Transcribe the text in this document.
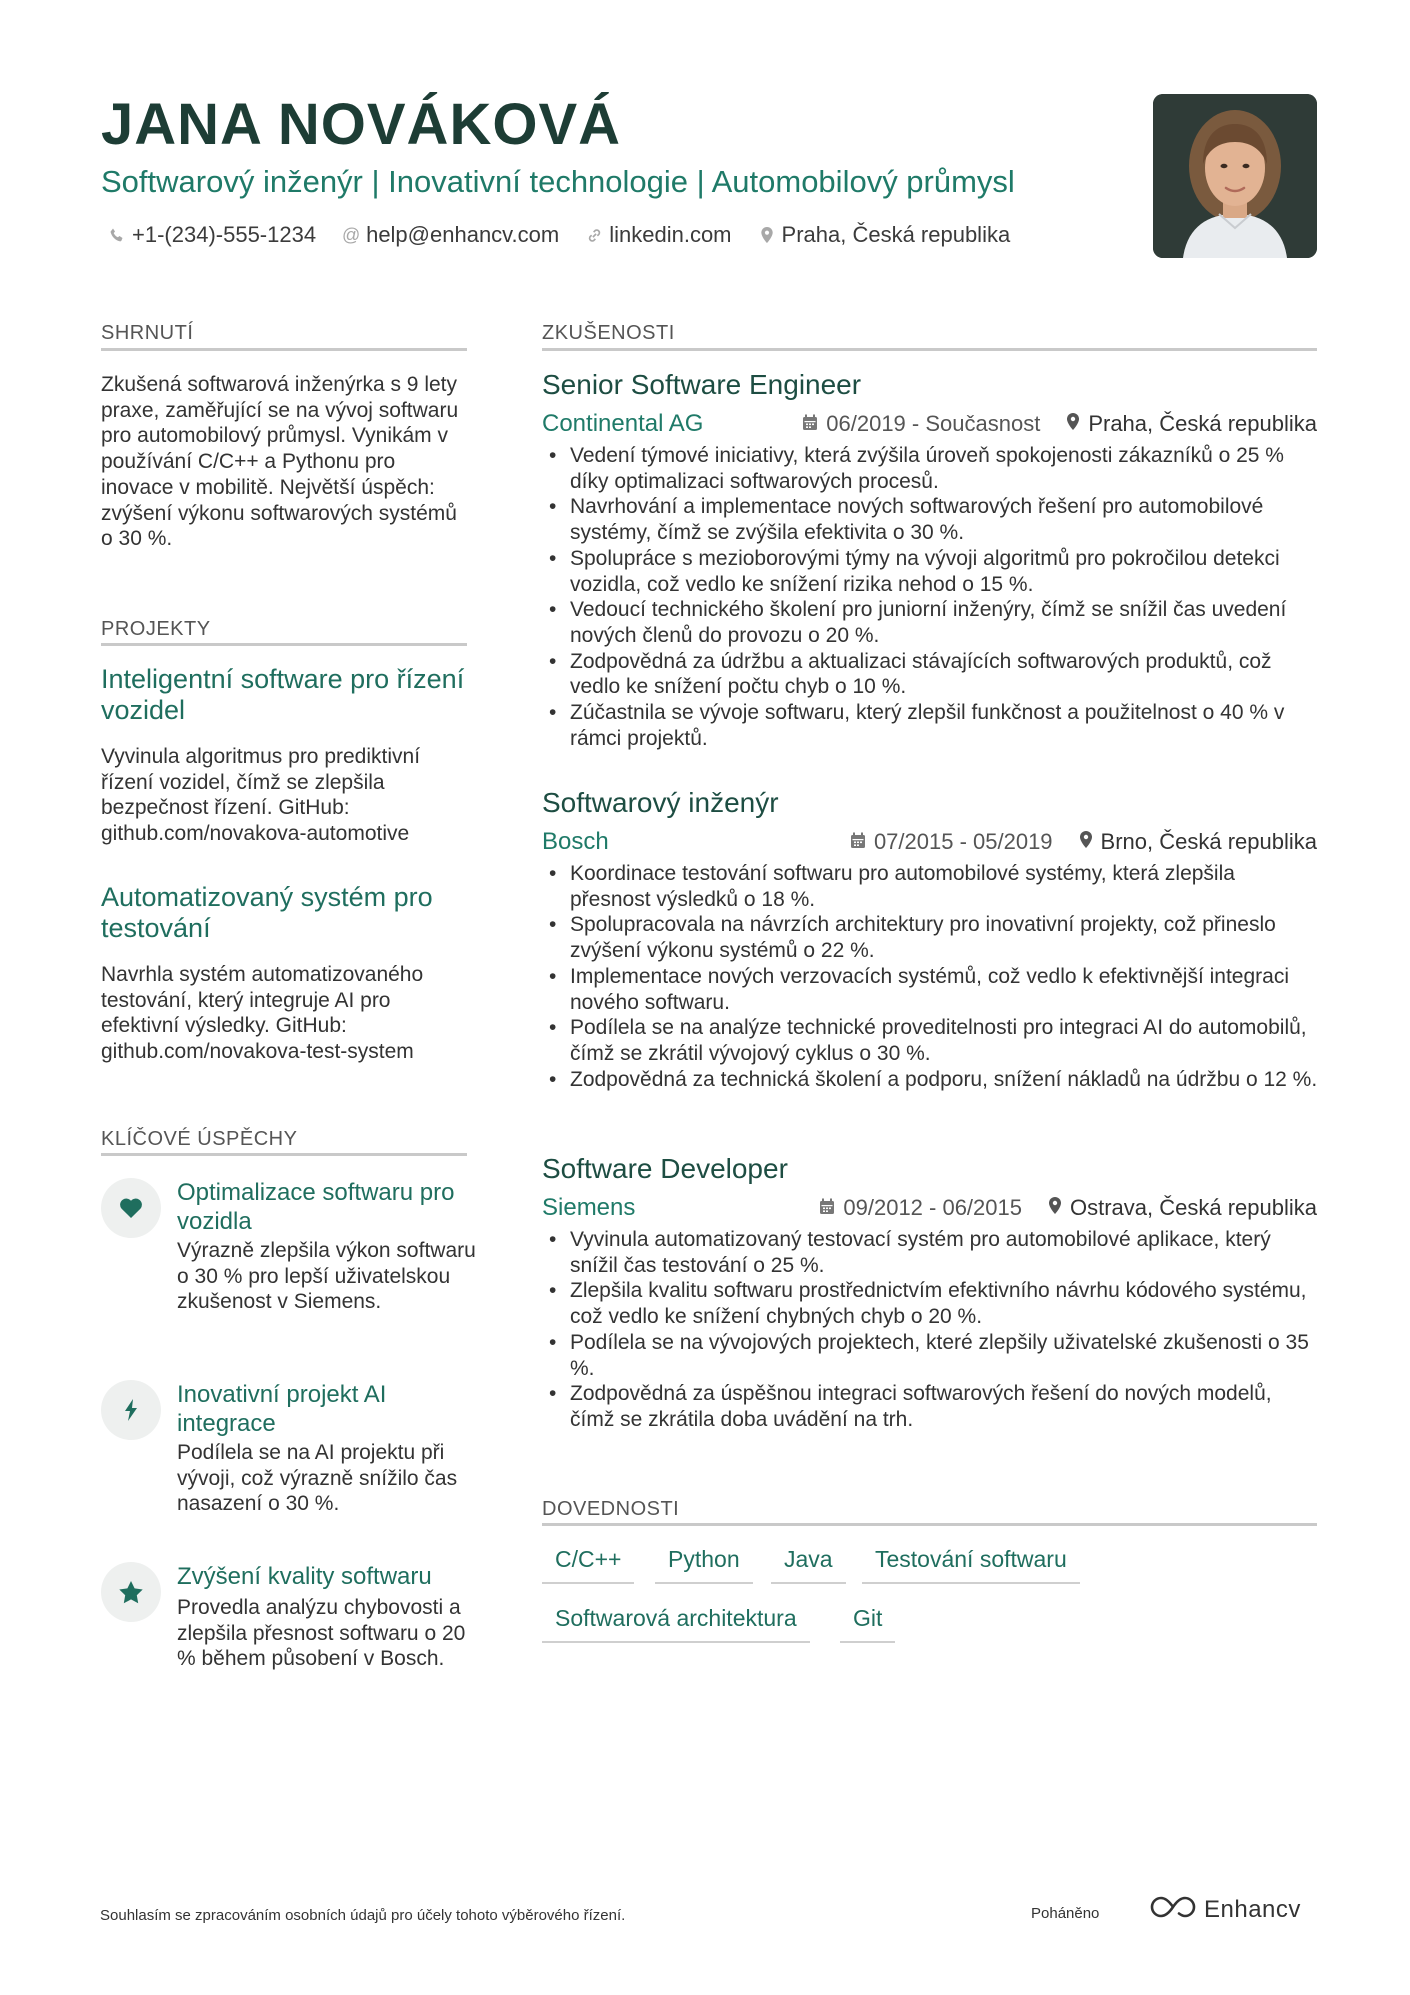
JANA NOVÁKOVÁ
Softwarový inženýr | Inovativní technologie | Automobilový průmysl
+1-(234)-555-1234 @ help@enhancv.com linkedin.com Praha, Česká republika
SHRNUTÍ

Zkušená softwarová inženýrka s 9 lety praxe, zaměřující se na vývoj softwaru pro automobilový průmysl. Vynikám v používání C/C++ a Pythonu pro inovace v mobilitě. Největší úspěch: zvýšení výkonu softwarových systémů o 30 %.

PROJEKTY
Inteligentní software pro řízení vozidel

Vyvinula algoritmus pro prediktivní řízení vozidel, čímž se zlepšila bezpečnost řízení. GitHub: github.com/novakova-automotive

Automatizovaný systém pro testování

Navrhla systém automatizovaného testování, který integruje AI pro efektivní výsledky. GitHub: github.com/novakova-test-system

KLÍČOVÉ ÚSPĚCHY
Optimalizace softwaru pro vozidla

Výrazně zlepšila výkon softwaru o 30 % pro lepší uživatelskou zkušenost v Siemens.

Inovativní projekt AI integrace

Podílela se na AI projektu při vývoji, což výrazně snížilo čas nasazení o 30 %.

Zvýšení kvality softwaru

Provedla analýzu chybovosti a zlepšila přesnost softwaru o 20 % během působení v Bosch.

ZKUŠENOSTI
Senior Software Engineer
Continental AG	06/2019 - Současnost Praha, Česká republika
• Vedení týmové iniciativy, která zvýšila úroveň spokojenosti zákazníků o 25 % díky optimalizaci softwarových procesů.
• Navrhování a implementace nových softwarových řešení pro automobilové systémy, čímž se zvýšila efektivita o 30 %.
• Spolupráce s mezioborovými týmy na vývoji algoritmů pro pokročilou detekci vozidla, což vedlo ke snížení rizika nehod o 15 %.
• Vedoucí technického školení pro juniorní inženýry, čímž se snížil čas uvedení nových členů do provozu o 20 %.
• Zodpovědná za údržbu a aktualizaci stávajících softwarových produktů, což vedlo ke snížení počtu chyb o 10 %.
• Zúčastnila se vývoje softwaru, který zlepšil funkčnost a použitelnost o 40 % v rámci projektů.
Softwarový inženýr
Bosch	07/2015 - 05/2019 Brno, Česká republika
• Koordinace testování softwaru pro automobilové systémy, která zlepšila přesnost výsledků o 18 %.
• Spolupracovala na návrzích architektury pro inovativní projekty, což přineslo zvýšení výkonu systémů o 22 %.
• Implementace nových verzovacích systémů, což vedlo k efektivnější integraci nového softwaru.
• Podílela se na analýze technické proveditelnosti pro integraci AI do automobilů, čímž se zkrátil vývojový cyklus o 30 %.
• Zodpovědná za technická školení a podporu, snížení nákladů na údržbu o 12 %.
Software Developer
Siemens	09/2012 - 06/2015 Ostrava, Česká republika
• Vyvinula automatizovaný testovací systém pro automobilové aplikace, který snížil čas testování o 25 %.
• Zlepšila kvalitu softwaru prostřednictvím efektivního návrhu kódového systému, což vedlo ke snížení chybných chyb o 20 %.
• Podílela se na vývojových projektech, které zlepšily uživatelské zkušenosti o 35 %.
• Zodpovědná za úspěšnou integraci softwarových řešení do nových modelů, čímž se zkrátila doba uvádění na trh.
DOVEDNOSTI
C/C++	Python	Java	Testování softwaru
Softwarová architektura	Git
Souhlasím se zpracováním osobních údajů pro účely tohoto výběrového řízení.	Poháněno	Enhancv
